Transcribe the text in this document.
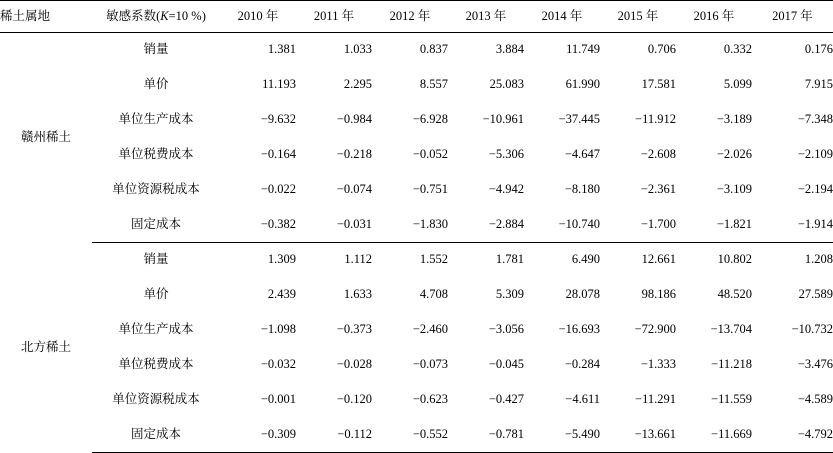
稀土属地	敏感系数(K=10 %)	2010 年	2011 年	2012 年	2013 年	2014 年	2015 年	2016 年	2017 年
赣州稀土	销量	1.381	1.033	0.837	3.884	11.749	0.706	0.332	0.176
	单价	11.193	2.295	8.557	25.083	61.990	17.581	5.099	7.915
	单位生产成本	−9.632	−0.984	−6.928	−10.961	−37.445	−11.912	−3.189	−7.348
	单位税费成本	−0.164	−0.218	−0.052	−5.306	−4.647	−2.608	−2.026	−2.109
	单位资源税成本	−0.022	−0.074	−0.751	−4.942	−8.180	−2.361	−3.109	−2.194
	固定成本	−0.382	−0.031	−1.830	−2.884	−10.740	−1.700	−1.821	−1.914
北方稀土	销量	1.309	1.112	1.552	1.781	6.490	12.661	10.802	1.208
	单价	2.439	1.633	4.708	5.309	28.078	98.186	48.520	27.589
	单位生产成本	−1.098	−0.373	−2.460	−3.056	−16.693	−72.900	−13.704	−10.732
	单位税费成本	−0.032	−0.028	−0.073	−0.045	−0.284	−1.333	−11.218	−3.476
	单位资源税成本	−0.001	−0.120	−0.623	−0.427	−4.611	−11.291	−11.559	−4.589
	固定成本	−0.309	−0.112	−0.552	−0.781	−5.490	−13.661	−11.669	−4.792
